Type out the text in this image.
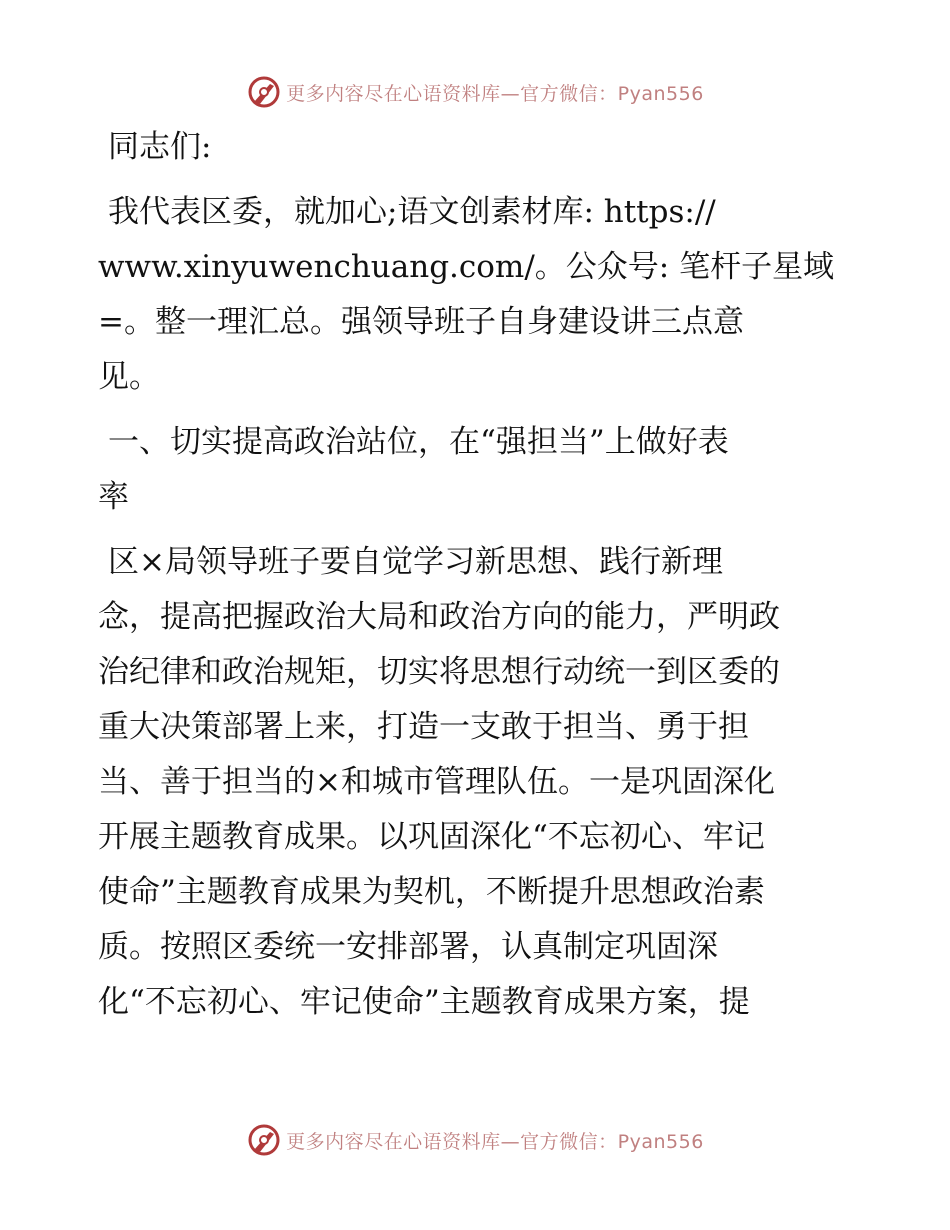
更多内容尽在心语资料库—官方微信：Pyan556

同志们:

我代表区委，就加心;语文创素材库: https://
www.xinyuwenchuang.com/。公众号: 笔杆子星域
=。整一理汇总。强领导班子自身建设讲三点意
见。

一、切实提高政治站位，在“强担当”上做好表
率

区×局领导班子要自觉学习新思想、践行新理
念，提高把握政治大局和政治方向的能力，严明政
治纪律和政治规矩，切实将思想行动统一到区委的
重大决策部署上来，打造一支敢于担当、勇于担
当、善于担当的×和城市管理队伍。一是巩固深化
开展主题教育成果。以巩固深化“不忘初心、牢记
使命”主题教育成果为契机，不断提升思想政治素
质。按照区委统一安排部署，认真制定巩固深
化“不忘初心、牢记使命”主题教育成果方案，提

更多内容尽在心语资料库—官方微信：Pyan556
